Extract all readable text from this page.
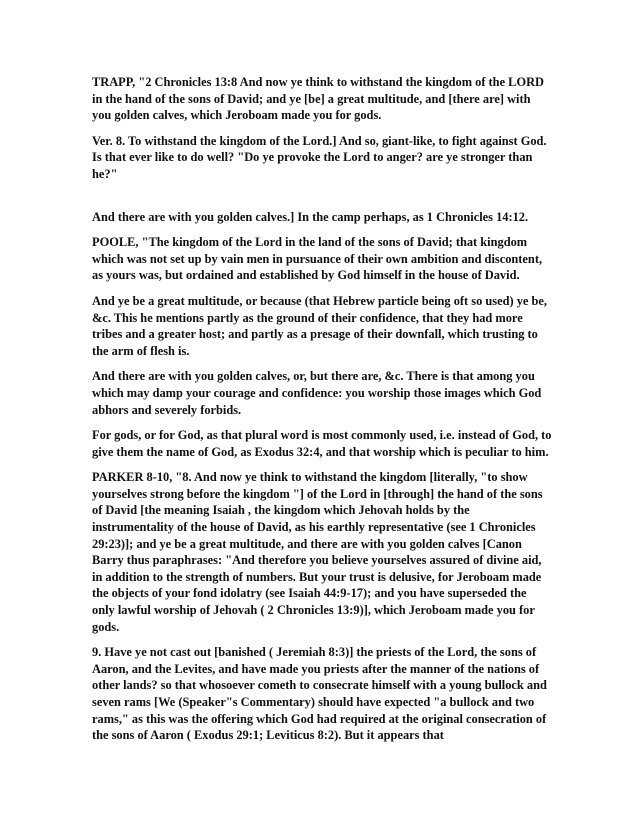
TRAPP, "2 Chronicles 13:8 And now ye think to withstand the kingdom of the LORD in the hand of the sons of David; and ye [be] a great multitude, and [there are] with you golden calves, which Jeroboam made you for gods.

Ver. 8. To withstand the kingdom of the Lord.] And so, giant-like, to fight against God. Is that ever like to do well? "Do ye provoke the Lord to anger? are ye stronger than he?"

And there are with you golden calves.] In the camp perhaps, as 1 Chronicles 14:12.

POOLE, "The kingdom of the Lord in the land of the sons of David; that kingdom which was not set up by vain men in pursuance of their own ambition and discontent, as yours was, but ordained and established by God himself in the house of David.

And ye be a great multitude, or because (that Hebrew particle being oft so used) ye be, &c. This he mentions partly as the ground of their confidence, that they had more tribes and a greater host; and partly as a presage of their downfall, which trusting to the arm of flesh is.

And there are with you golden calves, or, but there are, &c. There is that among you which may damp your courage and confidence: you worship those images which God abhors and severely forbids.

For gods, or for God, as that plural word is most commonly used, i.e. instead of God, to give them the name of God, as Exodus 32:4, and that worship which is peculiar to him.

PARKER 8-10, "8. And now ye think to withstand the kingdom [literally, "to show yourselves strong before the kingdom "] of the Lord in [through] the hand of the sons of David [the meaning Isaiah , the kingdom which Jehovah holds by the instrumentality of the house of David, as his earthly representative (see 1 Chronicles 29:23)]; and ye be a great multitude, and there are with you golden calves [Canon Barry thus paraphrases: "And therefore you believe yourselves assured of divine aid, in addition to the strength of numbers. But your trust is delusive, for Jeroboam made the objects of your fond idolatry (see Isaiah 44:9-17); and you have superseded the only lawful worship of Jehovah ( 2 Chronicles 13:9)], which Jeroboam made you for gods.

9. Have ye not cast out [banished ( Jeremiah 8:3)] the priests of the Lord, the sons of Aaron, and the Levites, and have made you priests after the manner of the nations of other lands? so that whosoever cometh to consecrate himself with a young bullock and seven rams [We (Speaker"s Commentary) should have expected "a bullock and two rams," as this was the offering which God had required at the original consecration of the sons of Aaron ( Exodus 29:1; Leviticus 8:2). But it appears that
